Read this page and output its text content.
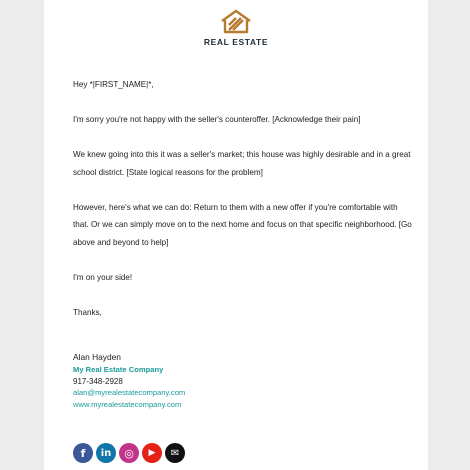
REAL ESTATE

Hey *|FIRST_NAME|*,

I'm sorry you're not happy with the seller's counteroffer. [Acknowledge their pain]

We knew going into this it was a seller's market; this house was highly desirable and in a great school district. [State logical reasons for the problem]

However, here's what we can do: Return to them with a new offer if you're comfortable with that. Or we can simply move on to the next home and focus on that specific neighborhood. [Go above and beyond to help]

I'm on your side!

Thanks,

Alan Hayden
My Real Estate Company
917-348-2928
alan@myrealestatecompany.com
www.myrealestatecompany.com
f	in	◎	▶	✉
